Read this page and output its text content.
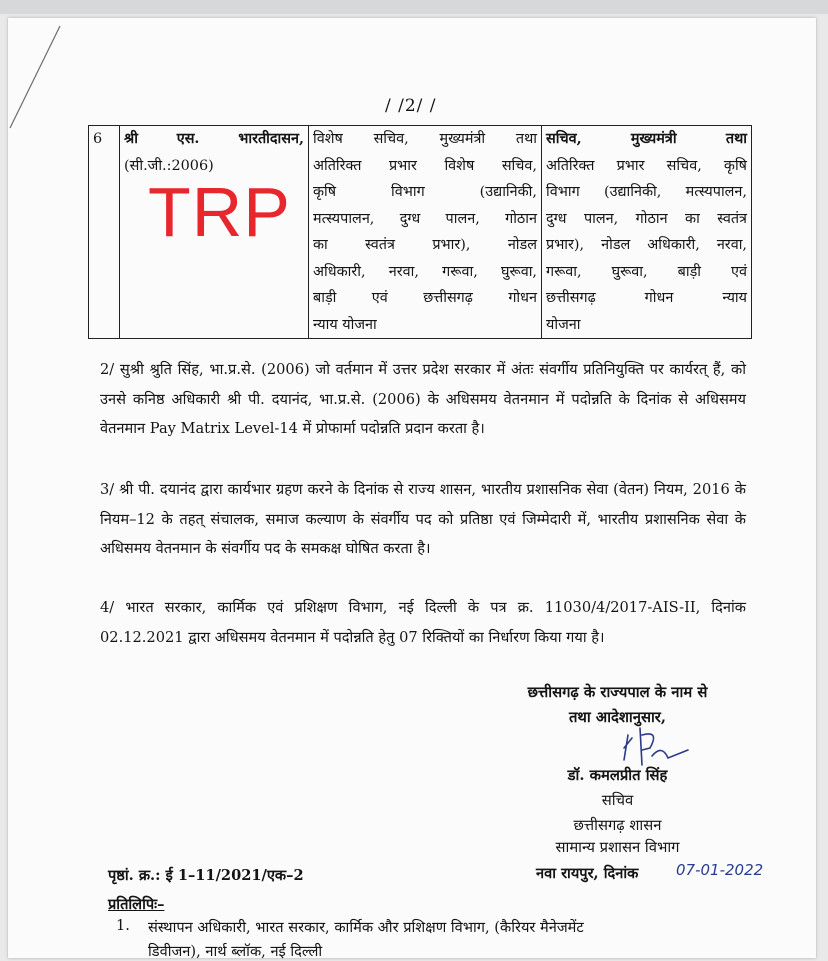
/ /2/ /
6	श्री एस. भारतीदासन,
(सी.जी.:2006)

विशेष सचिव, मुख्यमंत्री तथा
अतिरिक्त प्रभार विशेष सचिव,
कृषि विभाग (उद्यानिकी,
मत्स्यपालन, दुग्ध पालन, गोठान
का स्वतंत्र प्रभार), नोडल
अधिकारी, नरवा, गरूवा, घुरूवा,
बाड़ी एवं छत्तीसगढ़ गोधन
न्याय योजना

सचिव, मुख्यमंत्री तथा
अतिरिक्त प्रभार सचिव, कृषि
विभाग (उद्यानिकी, मत्स्यपालन,
दुग्ध पालन, गोठान का स्वतंत्र
प्रभार), नोडल अधिकारी, नरवा,
गरूवा, घुरूवा, बाड़ी एवं
छत्तीसगढ़ गोधन न्याय
योजना
TRP
2/ सुश्री श्रुति सिंह, भा.प्र.से. (2006) जो वर्तमान में उत्तर प्रदेश सरकार में अंतः संवर्गीय प्रतिनियुक्ति पर कार्यरत् हैं, को उनसे कनिष्ठ अधिकारी श्री पी. दयानंद, भा.प्र.से. (2006) के अधिसमय वेतनमान में पदोन्नति के दिनांक से अधिसमय वेतनमान Pay Matrix Level-14 में प्रोफार्मा पदोन्नति प्रदान करता है।
3/ श्री पी. दयानंद द्वारा कार्यभार ग्रहण करने के दिनांक से राज्य शासन, भारतीय प्रशासनिक सेवा (वेतन) नियम, 2016 के नियम–12 के तहत् संचालक, समाज कल्याण के संवर्गीय पद को प्रतिष्ठा एवं जिम्मेदारी में, भारतीय प्रशासनिक सेवा के अधिसमय वेतनमान के संवर्गीय पद के समकक्ष घोषित करता है।
4/ भारत सरकार, कार्मिक एवं प्रशिक्षण विभाग, नई दिल्ली के पत्र क्र. 11030/4/2017-AIS-II, दिनांक 02.12.2021 द्वारा अधिसमय वेतनमान में पदोन्नति हेतु 07 रिक्तियों का निर्धारण किया गया है।
छत्तीसगढ़ के राज्यपाल के नाम से
तथा आदेशानुसार,
डॉ. कमलप्रीत सिंह
सचिव
छत्तीसगढ़ शासन
सामान्य प्रशासन विभाग
पृष्ठां. क्र.: ई 1–11/2021/एक–2	नवा रायपुर, दिनांक	07-01-2022
प्रतिलिपिः–
1. संस्थापन अधिकारी, भारत सरकार, कार्मिक और प्रशिक्षण विभाग, (कैरियर मैनेजमेंट
डिवीजन), नार्थ ब्लॉक, नई दिल्ली
